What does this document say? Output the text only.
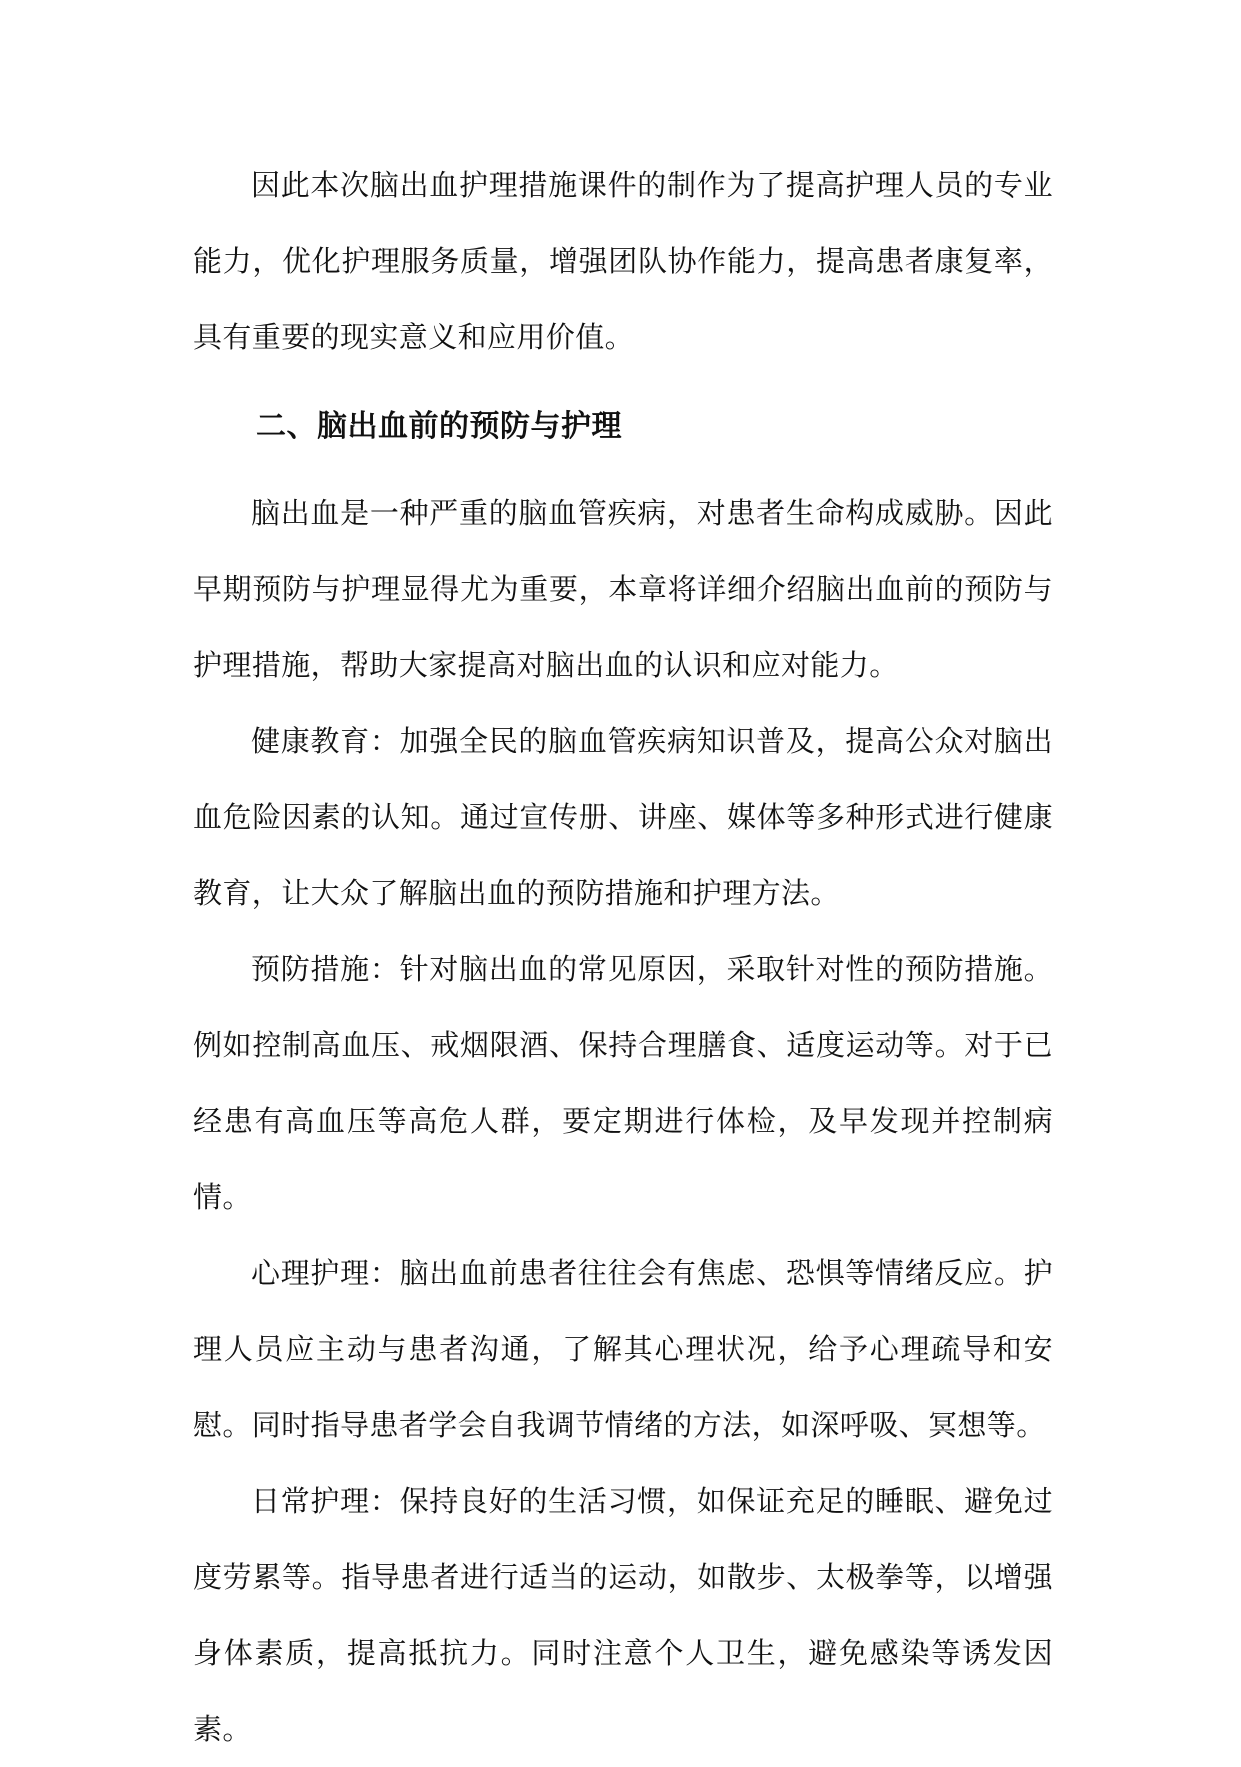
因此本次脑出血护理措施课件的制作为了提高护理人员的专业能力，优化护理服务质量，增强团队协作能力，提高患者康复率，具有重要的现实意义和应用价值。

二、脑出血前的预防与护理

脑出血是一种严重的脑血管疾病，对患者生命构成威胁。因此早期预防与护理显得尤为重要，本章将详细介绍脑出血前的预防与护理措施，帮助大家提高对脑出血的认识和应对能力。

健康教育：加强全民的脑血管疾病知识普及，提高公众对脑出血危险因素的认知。通过宣传册、讲座、媒体等多种形式进行健康教育，让大众了解脑出血的预防措施和护理方法。

预防措施：针对脑出血的常见原因，采取针对性的预防措施。例如控制高血压、戒烟限酒、保持合理膳食、适度运动等。对于已经患有高血压等高危人群，要定期进行体检，及早发现并控制病情。

心理护理：脑出血前患者往往会有焦虑、恐惧等情绪反应。护理人员应主动与患者沟通，了解其心理状况，给予心理疏导和安慰。同时指导患者学会自我调节情绪的方法，如深呼吸、冥想等。

日常护理：保持良好的生活习惯，如保证充足的睡眠、避免过度劳累等。指导患者进行适当的运动，如散步、太极拳等，以增强身体素质，提高抵抗力。同时注意个人卫生，避免感染等诱发因素。
